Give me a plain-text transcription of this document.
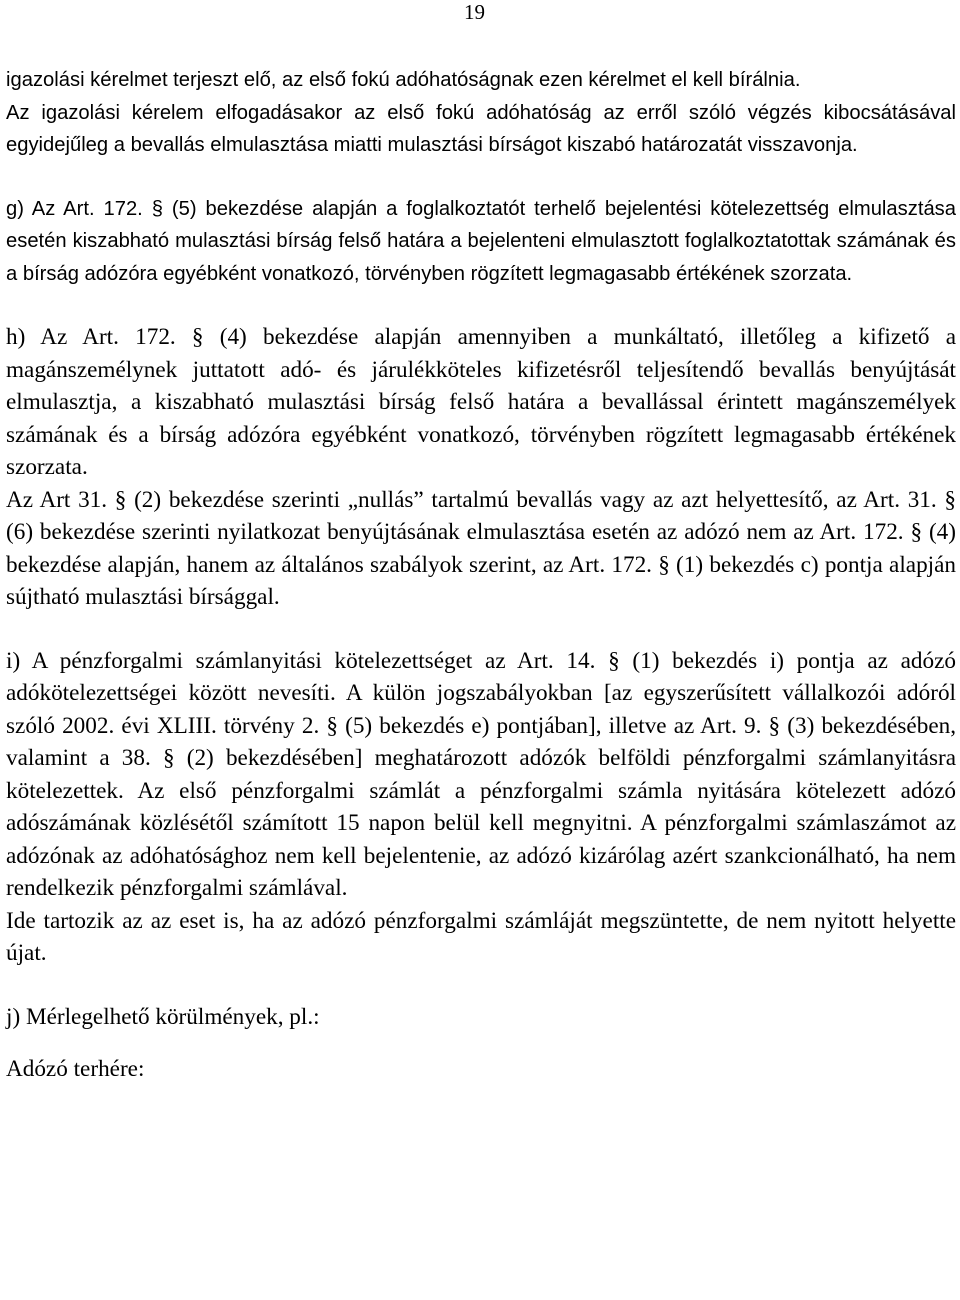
19

igazolási kérelmet terjeszt elő, az első fokú adóhatóságnak ezen kérelmet el kell bírálnia.

Az igazolási kérelem elfogadásakor az első fokú adóhatóság az erről szóló végzés kibocsátásával egyidejűleg a bevallás elmulasztása miatti mulasztási bírságot kiszabó határozatát visszavonja.

g) Az Art. 172. § (5) bekezdése alapján a foglalkoztatót terhelő bejelentési kötelezettség elmulasztása esetén kiszabható mulasztási bírság felső határa a bejelenteni elmulasztott foglalkoztatottak számának és a bírság adózóra egyébként vonatkozó, törvényben rögzített legmagasabb értékének szorzata.

h) Az Art. 172. § (4) bekezdése alapján amennyiben a munkáltató, illetőleg a kifizető a magánszemélynek juttatott adó- és járulékköteles kifizetésről teljesítendő bevallás benyújtását elmulasztja, a kiszabható mulasztási bírság felső határa a bevallással érintett magánszemélyek számának és a bírság adózóra egyébként vonatkozó, törvényben rögzített legmagasabb értékének szorzata.

Az Art 31. § (2) bekezdése szerinti „nullás” tartalmú bevallás vagy az azt helyettesítő, az Art. 31. § (6) bekezdése szerinti nyilatkozat benyújtásának elmulasztása esetén az adózó nem az Art. 172. § (4) bekezdése alapján, hanem az általános szabályok szerint, az Art. 172. § (1) bekezdés c) pontja alapján sújtható mulasztási bírsággal.

i) A pénzforgalmi számlanyitási kötelezettséget az Art. 14. § (1) bekezdés i) pontja az adózó adókötelezettségei között nevesíti. A külön jogszabályokban [az egyszerűsített vállalkozói adóról szóló 2002. évi XLIII. törvény 2. § (5) bekezdés e) pontjában], illetve az Art. 9. § (3) bekezdésében, valamint a 38. § (2) bekezdésében] meghatározott adózók belföldi pénzforgalmi számlanyitásra kötelezettek. Az első pénzforgalmi számlát a pénzforgalmi számla nyitására kötelezett adózó adószámának közlésétől számított 15 napon belül kell megnyitni. A pénzforgalmi számlaszámot az adózónak az adóhatósághoz nem kell bejelentenie, az adózó kizárólag azért szankcionálható, ha nem rendelkezik pénzforgalmi számlával.

Ide tartozik az az eset is, ha az adózó pénzforgalmi számláját megszüntette, de nem nyitott helyette újat.

j) Mérlegelhető körülmények, pl.:

Adózó terhére:
